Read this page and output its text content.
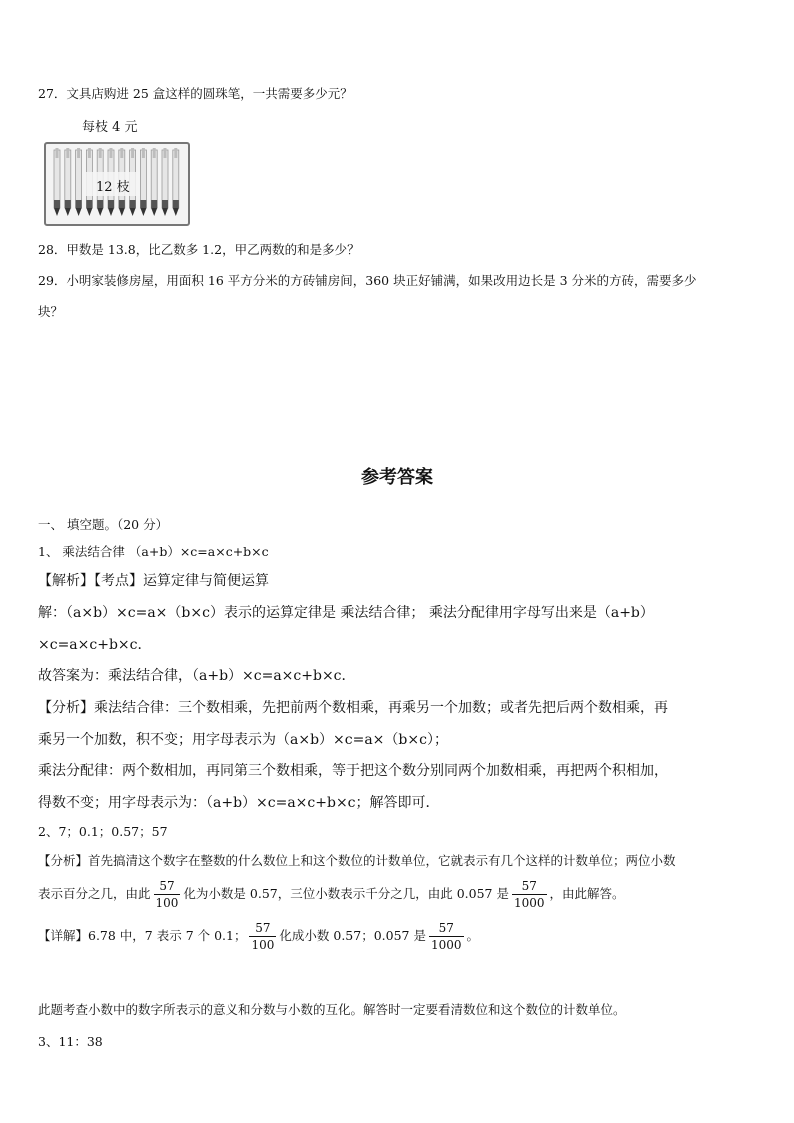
27．文具店购进 25 盒这样的圆珠笔，一共需要多少元？
每枝 4 元
12 枝
28．甲数是 13.8，比乙数多 1.2，甲乙两数的和是多少？
29．小明家装修房屋，用面积 16 平方分米的方砖铺房间，360 块正好铺满，如果改用边长是 3 分米的方砖，需要多少
块？
参考答案
一、 填空题。（20 分）
1、 乘法结合律 （a+b）×c=a×c+b×c
【解析】【考点】运算定律与简便运算
解：（a×b）×c=a×（b×c）表示的运算定律是 乘法结合律； 乘法分配律用字母写出来是（a+b）
×c=a×c+b×c．
故答案为：乘法结合律，（a+b）×c=a×c+b×c．
【分析】乘法结合律：三个数相乘，先把前两个数相乘，再乘另一个加数；或者先把后两个数相乘，再
乘另一个加数，积不变；用字母表示为（a×b）×c=a×（b×c）；
乘法分配律：两个数相加，再同第三个数相乘，等于把这个数分别同两个加数相乘，再把两个积相加，
得数不变；用字母表示为：（a+b）×c=a×c+b×c；解答即可．
2、7；0.1；0.57；57
【分析】首先搞清这个数字在整数的什么数位上和这个数位的计数单位，它就表示有几个这样的计数单位；两位小数
表示百分之几，由此 $\frac{57}{100}$ 化为小数是 0.57，三位小数表示千分之几，由此 0.057 是 $\frac{57}{1000}$ ，由此解答。
【详解】6.78 中，7 表示 7 个 0.1； $\frac{57}{100}$ 化成小数 0.57；0.057 是 $\frac{57}{1000}$ 。
此题考查小数中的数字所表示的意义和分数与小数的互化。解答时一定要看清数位和这个数位的计数单位。
3、11：38
